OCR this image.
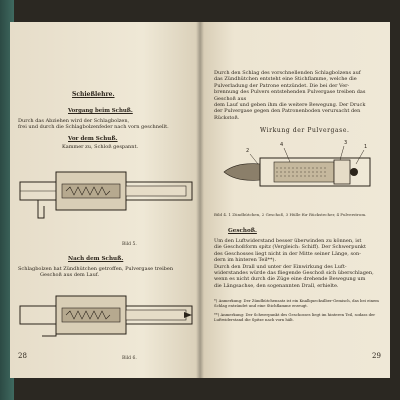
Schießlehre.
Vorgang beim Schuß.
Durch das Abziehen wird der Schlagbolzen,
frei und durch die Schlagbolzenfeder nach vorn geschnellt.
Vor dem Schuß.
Kammer zu, Schloß gespannt.
Bild 5.
Nach dem Schuß.
Schlagbolzen hat Zündhütchen getroffen, Pulvergase treiben
Geschoß aus dem Lauf.
Bild 6.
28
Durch den Schlag des vorschnellenden Schlagbolzens auf
das Zündhütchen entsteht eine Stichflamme, welche die
Pulverladung der Patrone entzündet. Die bei der Ver-
brennung des Pulvers entstehenden Pulvergase treiben das Geschoß aus
dem Lauf und geben ihm die weitere Bewegung. Der Druck
der Pulvergase gegen den Patronenboden verursacht den
Rückstoß.
Wirkung der Pulvergase.
2
4	3
1
Bild 4. 1 Zündhütchen, 2 Geschoß, 3 Hülle für Rückstecher, 4 Pulverstrom.
Geschoß.
Um den Luftwiderstand besser überwinden zu können, ist
die Geschoßform spitz (Vergleich: Schiff). Der Schwerpunkt
des Geschosses liegt nicht in der Mitte seiner Länge, son-
dern im hinteren Teil**).
Durch den Drall und unter der Einwirkung des Luft-
widerstandes würde das fliegende Geschoß sich überschlagen,
wenn es nicht durch die Züge eine drehende Bewegung um
die Längsachse, den sogenannten Drall, erhielte.
*) Anmerkung: Der Zündhütchensatz ist ein Knallquecksilber-Gemisch, das bei einem Schlag entzündet und eine Stichflamme erzeugt.
**) Anmerkung: Der Schwerpunkt des Geschosses liegt im hinteren Teil, sodass der Luftwiderstand die Spitze nach vorn hält.
29
